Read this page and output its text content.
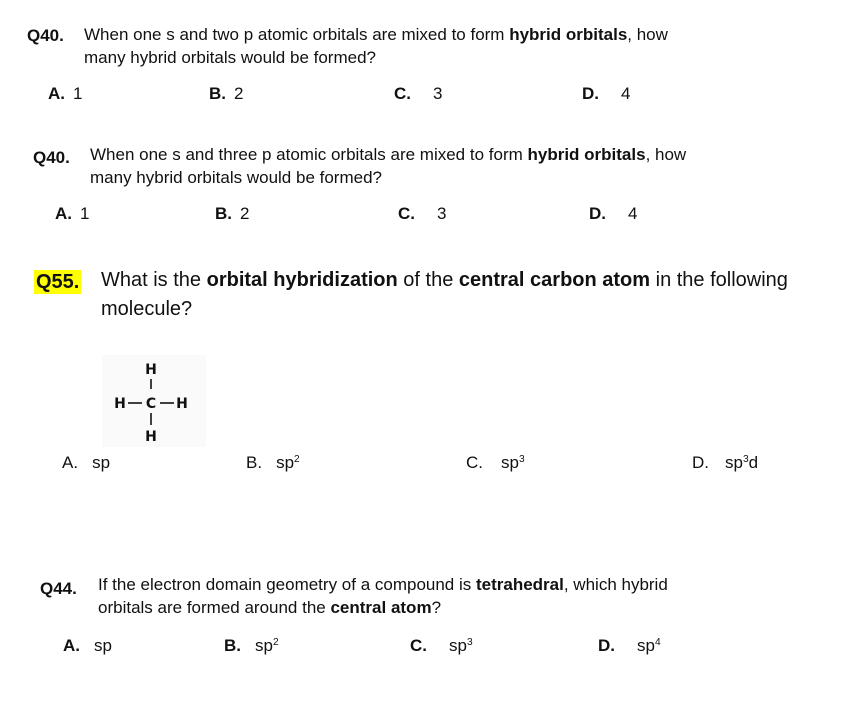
Q40. When one s and two p atomic orbitals are mixed to form hybrid orbitals, how
many hybrid orbitals would be formed?
A. 1	B. 2	C. 3	D. 4
Q40. When one s and three p atomic orbitals are mixed to form hybrid orbitals, how
many hybrid orbitals would be formed?
A. 1	B. 2	C. 3	D. 4
Q55. What is the orbital hybridization of the central carbon atom in the following
molecule?
A. sp	B. $sp^2$	C. $sp^3$	D. $sp^3d$
H
H C H
H
Q44. If the electron domain geometry of a compound is tetrahedral, which hybrid
orbitals are formed around the central atom?
A. sp	B. $sp^2$	C. $sp^3$	D. $sp^4$
